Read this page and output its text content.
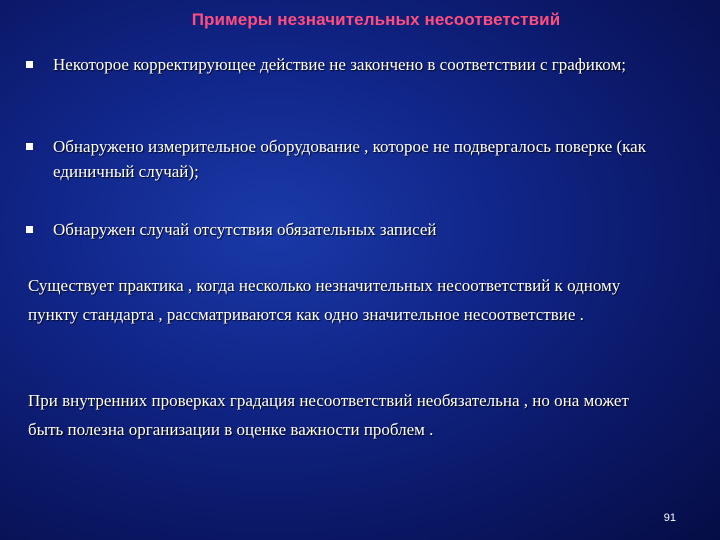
Примеры незначительных несоответствий
Некоторое корректирующее действие не закончено в соответствии с графиком;
Обнаружено измерительное оборудование , которое не подвергалось поверке (как единичный случай);
Обнаружен случай отсутствия обязательных записей

Существует практика , когда несколько незначительных несоответствий к одному пункту стандарта , рассматриваются как одно значительное несоответствие .

При внутренних проверках градация несоответствий необязательна , но она может быть полезна организации в оценке важности проблем .

91
